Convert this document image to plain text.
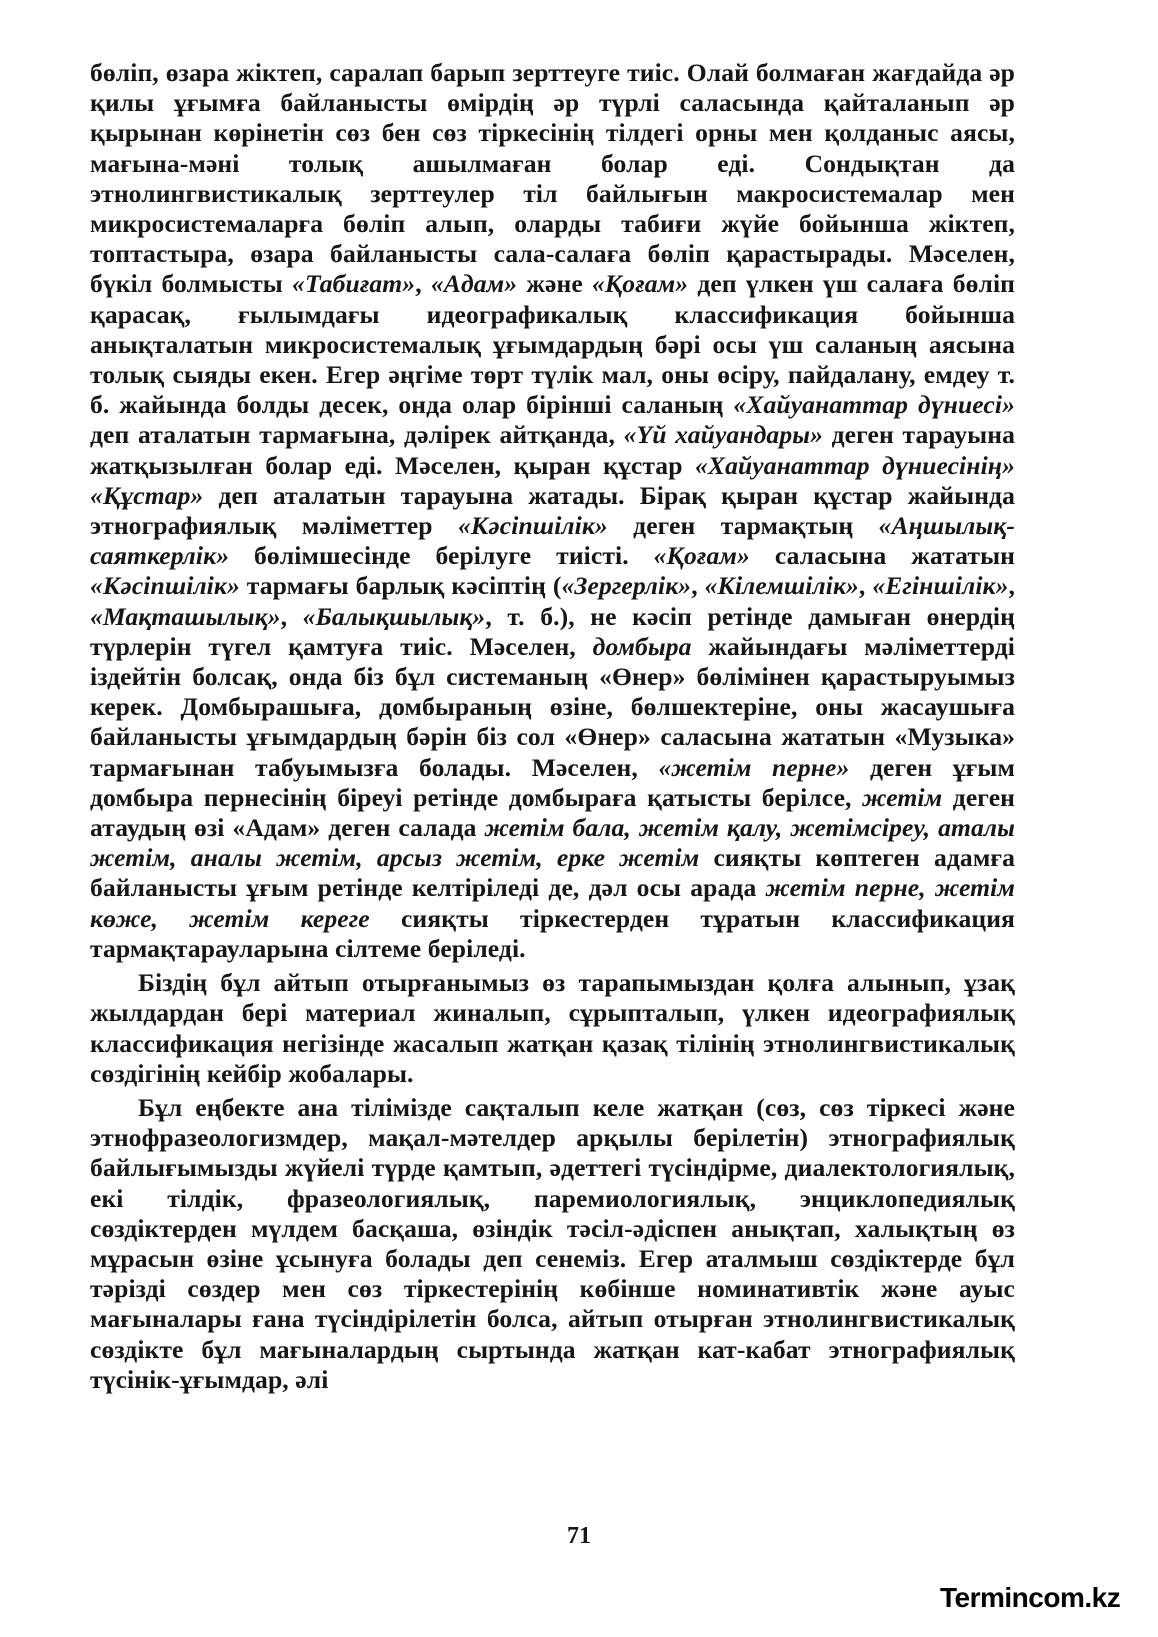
бөліп, өзара жіктеп, саралап барып зерттеуге тиіс. Олай болмаған жағдайда әр қилы ұғымға байланысты өмірдің әр түрлі саласында қайталанып әр қырынан көрінетін сөз бен сөз тіркесінің тілдегі орны мен қолданыс аясы, мағына-мәні толық ашылмаған болар еді. Сондықтан да этнолингвистикалық зерттеулер тіл байлығын макросистемалар мен микросистемаларға бөліп алып, оларды табиғи жүйе бойынша жіктеп, топтастыра, өзара байланысты сала-салаға бөліп қарастырады. Мәселен, бүкіл болмысты «Табиғат», «Адам» және «Қоғам» деп үлкен үш салаға бөліп қарасақ, ғылымдағы идеографикалық классификация бойынша анықталатын микросистемалық ұғымдардың бәрі осы үш саланың аясына толық сыяды екен. Егер әңгіме төрт түлік мал, оны өсіру, пайдалану, емдеу т. б. жайында болды десек, онда олар бірінші саланың «Хайуанаттар дүниесі» деп аталатын тармағына, дәлірек айтқанда, «Үй хайуандары» деген тарауына жатқызылған болар еді. Мәселен, қыран құстар «Хайуанаттар дүниесінің» «Құстар» деп аталатын тарауына жатады. Бірақ қыран құстар жайында этнографиялық мәліметтер «Кәсіпшілік» деген тармақтың «Аңшылық-саяткерлік» бөлімшесінде берілуге тиісті. «Қоғам» саласына жататын «Кәсіпшілік» тармағы барлық кәсіптің («Зергерлік», «Кілемшілік», «Егіншілік», «Мақташылық», «Балықшылық», т. б.), не кәсіп ретінде дамыған өнердің түрлерін түгел қамтуға тиіс. Мәселен, домбыра жайындағы мәліметтерді іздейтін болсақ, онда біз бұл системаның «Өнер» бөлімінен қарастыруымыз керек. Домбырашыға, домбыраның өзіне, бөлшектеріне, оны жасаушыға байланысты ұғымдардың бәрін біз сол «Өнер» саласына жататын «Музыка» тармағынан табуымызға болады. Мәселен, «жетім перне» деген ұғым домбыра пернесінің біреуі ретінде домбыраға қатысты берілсе, жетім деген атаудың өзі «Адам» деген салада жетім бала, жетім қалу, жетімсіреу, аталы жетім, аналы жетім, арсыз жетім, ерке жетім сияқты көптеген адамға байланысты ұғым ретінде келтіріледі де, дәл осы арада жетім перне, жетім көже, жетім кереге сияқты тіркестерден тұратын классификация тармақтарауларына сілтеме беріледі.

Біздің бұл айтып отырғанымыз өз тарапымыздан қолға алынып, ұзақ жылдардан бері материал жиналып, сұрыпталып, үлкен идеографиялық классификация негізінде жасалып жатқан қазақ тілінің этнолингвистикалық сөздігінің кейбір жобалары.

Бұл еңбекте ана тілімізде сақталып келе жатқан (сөз, сөз тіркесі және этнофразеологизмдер, мақал-мәтелдер арқылы берілетін) этнографиялық байлығымызды жүйелі түрде қамтып, әдеттегі түсіндірме, диалектологиялық, екі тілдік, фразеологиялық, паремиологиялық, энциклопедиялық сөздіктерден мүлдем басқаша, өзіндік тәсіл-әдіспен анықтап, халықтың өз мұрасын өзіне ұсынуға болады деп сенеміз. Егер аталмыш сөздіктерде бұл тәрізді сөздер мен сөз тіркестерінің көбінше номинативтік және ауыс мағыналары ғана түсіндірілетін болса, айтып отырған этнолингвистикалық сөздікте бұл мағыналардың сыртында жатқан кат-кабат этнографиялық түсінік-ұғымдар, әлі

71
Termincom.kz
